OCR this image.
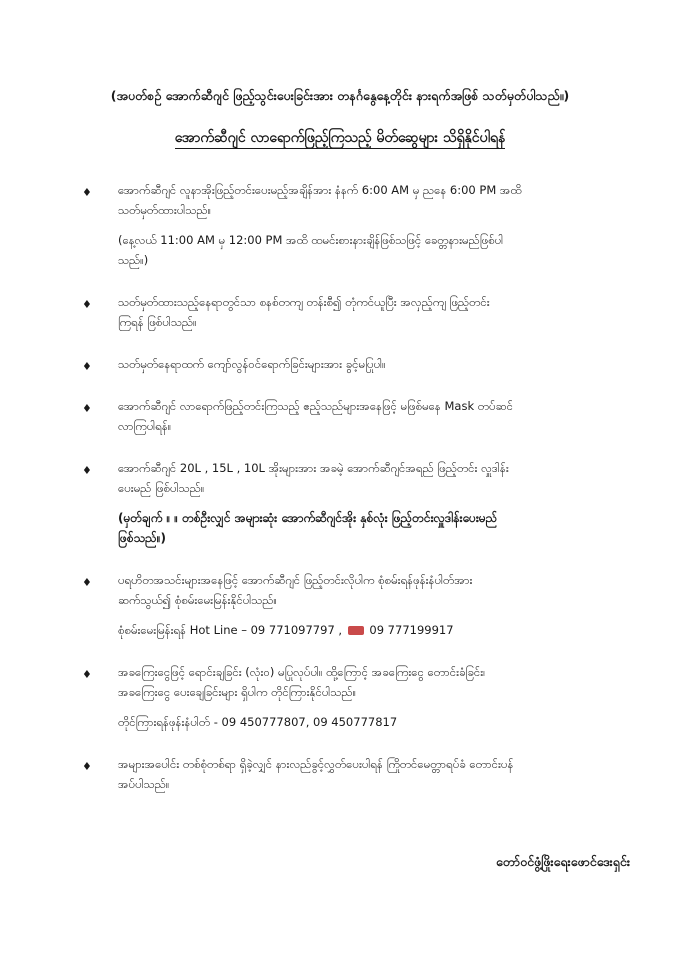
(အပတ်စဉ် အောက်ဆီဂျင် ဖြည့်သွင်းပေးခြင်းအား တနင်္ဂနွေနေ့တိုင်း နားရက်အဖြစ် သတ်မှတ်ပါသည်။)
အောက်ဆီဂျင် လာရောက်ဖြည့်ကြသည့် မိတ်ဆွေများ သိရှိနိုင်ပါရန်
♦ အောက်ဆီဂျင် လူနာအိုးဖြည့်တင်းပေးမည့်အချိန်အား နံနက် 6:00 AM မှ ညနေ 6:00 PM အထိ

သတ်မှတ်ထားပါသည်။

(နေ့လယ် 11:00 AM မှ 12:00 PM အထိ ထမင်းစားနားချိန်ဖြစ်သဖြင့် ခေတ္တနားမည်ဖြစ်ပါ

သည်။)

♦ သတ်မှတ်ထားသည့်နေရာတွင်သာ စနစ်တကျ တန်းစီ၍ တုံကင်ယူပြီး အလှည့်ကျ ဖြည့်တင်း

ကြရန် ဖြစ်ပါသည်။

♦ သတ်မှတ်နေရာထက် ကျော်လွန်ဝင်ရောက်ခြင်းများအား ခွင့်မပြုပါ။

♦ အောက်ဆီဂျင် လာရောက်ဖြည့်တင်းကြသည့် ဧည့်သည်များအနေဖြင့် မဖြစ်မနေ Mask တပ်ဆင်

လာကြပါရန်။

♦ အောက်ဆီဂျင် 20L , 15L , 10L အိုးများအား အခမဲ့ အောက်ဆီဂျင်အရည် ဖြည့်တင်း လှူဒါန်း

ပေးမည် ဖြစ်ပါသည်။

(မှတ်ချက် ။ ။ တစ်ဦးလျှင် အများဆုံး အောက်ဆီဂျင်အိုး နှစ်လုံး ဖြည့်တင်းလှူဒါန်းပေးမည်

ဖြစ်သည်။)

♦ ပရဟိတအသင်းများအနေဖြင့် အောက်ဆီဂျင် ဖြည့်တင်းလိုပါက စုံစမ်းရန်ဖုန်းနံပါတ်အား

ဆက်သွယ်၍ စုံစမ်းမေးမြန်းနိုင်ပါသည်။

စုံစမ်းမေးမြန်းရန် Hot Line – 09 771097797 , 09 777199917

♦ အခကြေးငွေဖြင့် ရောင်းချခြင်း (လုံးဝ) မပြုလုပ်ပါ။ ထို့ကြောင့် အခကြေးငွေ တောင်းခံခြင်း၊

အခကြေးငွေ ပေးချေခြင်းများ ရှိပါက တိုင်ကြားနိုင်ပါသည်။

တိုင်ကြားရန်ဖုန်းနံပါတ် - 09 450777807, 09 450777817

♦ အများအပေါင်း တစ်စုံတစ်ရာ ရှိခဲ့လျှင် နားလည်ခွင့်လွှတ်ပေးပါရန် ကြိုတင်မေတ္တာရပ်ခံ တောင်းပန်

အပ်ပါသည်။

တော်ဝင်ဖွံ့ဖြိုးရေးဖောင်ဒေးရှင်း
